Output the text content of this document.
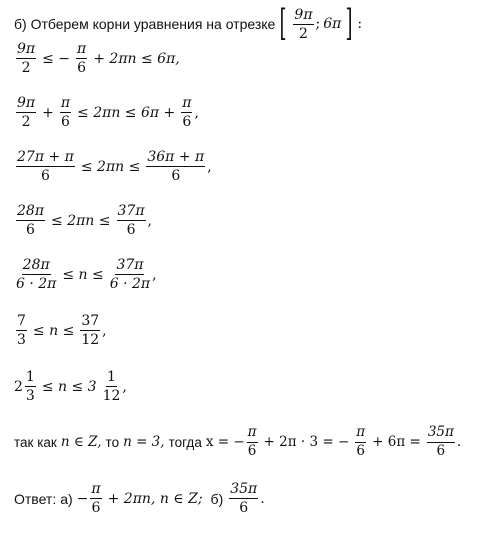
б) Отберем корни уравнения на отрезке [ $\frac{9\pi}{2}$ ; 6π ] :
$\frac{9\pi}{2}$ ≤ − $\frac{\pi}{6} + 2\pi n \le 6\pi$,
$\frac{9\pi}{2} + \frac{\pi}{6} \le 2\pi n \le 6\pi + \frac{\pi}{6}$ ,
$\frac{27\pi + \pi}{6} \le 2\pi n \le \frac{36\pi + \pi}{6}$ ,
$\frac{28\pi}{6} \le 2\pi n \le \frac{37\pi}{6}$ ,
$\frac{28\pi}{6 \cdot 2\pi} \le n \le \frac{37\pi}{6 \cdot 2\pi}$ ,
$\frac{7}{3} \le n \le \frac{37}{12}$ ,
$2 \frac{1}{3} \le n \le 3 \frac{1}{12}$ ,
так как n ∈ Z, то n = 3, тогда x = − $\frac{\pi}{6} + 2\pi \cdot 3$ = − $\frac{\pi}{6} + 6\pi = \frac{35\pi}{6}$ .
Ответ: $а) - \frac{\pi}{6} + 2\pi n$, n ∈ Z; $б) \frac{35\pi}{6}$ .
